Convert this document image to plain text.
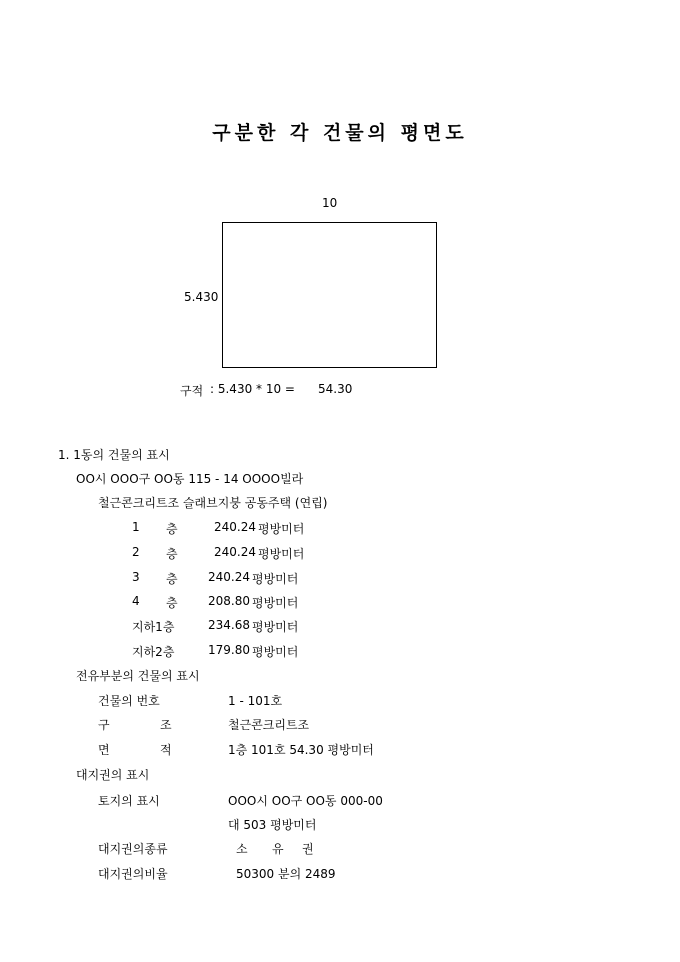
구분한 각 건물의 평면도
10
5.430
구적 : 5.430 * 10 = 54.30
1. 1동의 건물의 표시
OO시 OOO구 OO동 115 - 14 OOOO빌라
철근콘크리트조 슬래브지붕 공동주택 (연립)
1 층	240.24 평방미터
2 층	240.24 평방미터
3 층	240.24 평방미터
4 층	208.80 평방미터
지하1층	234.68 평방미터
지하2층	179.80 평방미터
전유부분의 건물의 표시
건물의 번호	1 - 101호
구	조	철근콘크리트조
면	적	1층 101호 54.30 평방미터
대지권의 표시
토지의 표시	OOO시 OO구 OO동 000-00
대 503 평방미터
대지권의종류	소 유 권
대지권의비율	50300 분의 2489
